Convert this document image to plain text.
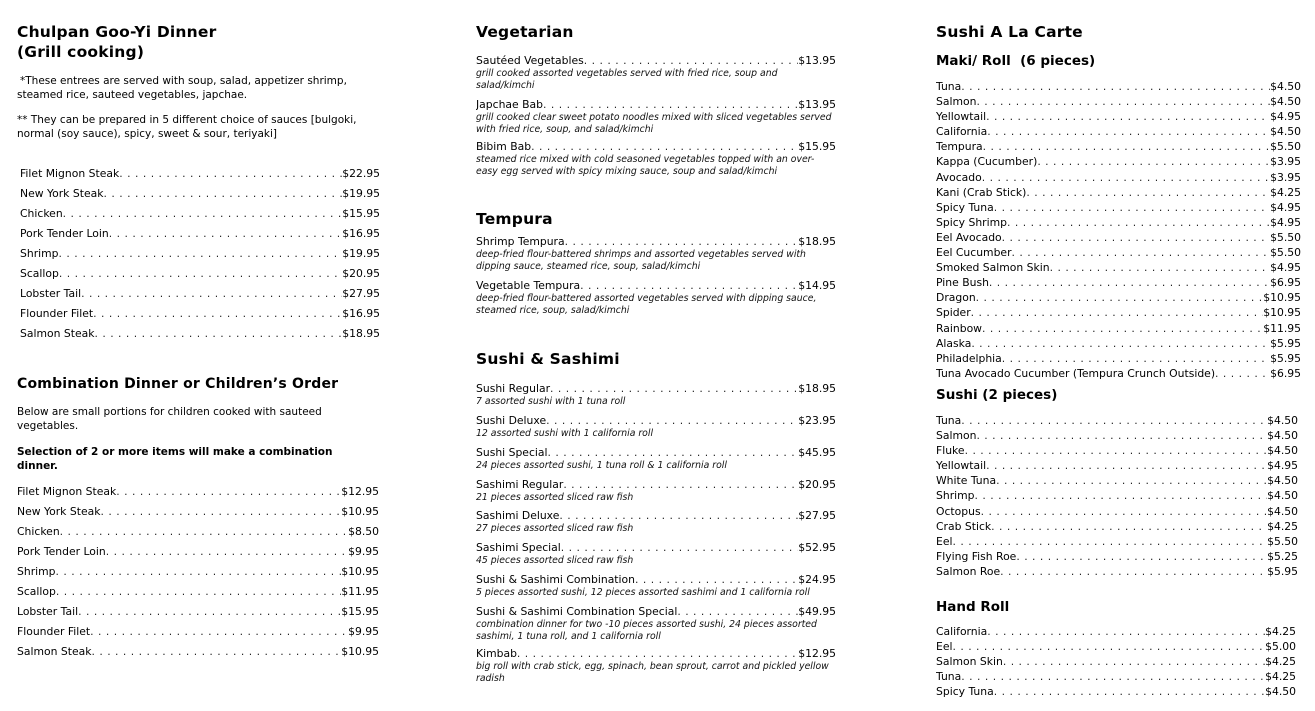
Chulpan Goo-Yi Dinner

(Grill cooking)

*These entrees are served with soup, salad, appetizer shrimp, steamed rice, sauteed vegetables, japchae.

** They can be prepared in 5 different choice of sauces [bulgoki, normal (soy sauce), spicy, sweet & sour, teriyaki]

Filet Mignon Steak . . .	$22.95
New York Steak . . .	$19.95
Chicken . . .	$15.95
Pork Tender Loin . . .	$16.95
Shrimp . . .	$19.95
Scallop . . .	$20.95
Lobster Tail . . .	$27.95
Flounder Filet . . .	$16.95
Salmon Steak . . .	$18.95

Combination Dinner or Children’s Order

Below are small portions for children cooked with sauteed vegetables.

Selection of 2 or more items will make a combination dinner.

Filet Mignon Steak . . .	$12.95
New York Steak . . .	$10.95
Chicken . . .	$8.50
Pork Tender Loin . . .	$9.95
Shrimp . . .	$10.95
Scallop . . .	$11.95
Lobster Tail . . .	$15.95
Flounder Filet . . .	$9.95
Salmon Steak . . .	$10.95

Vegetarian

Sautéed Vegetables . . .	$13.95

grill cooked assorted vegetables served with fried rice, soup and salad/kimchi

Japchae Bab . . .	$13.95

grill cooked clear sweet potato noodles mixed with sliced vegetables served with fried rice, soup, and salad/kimchi

Bibim Bab . . .	$15.95

steamed rice mixed with cold seasoned vegetables topped with an over-easy egg served with spicy mixing sauce, soup and salad/kimchi

Tempura

Shrimp Tempura . . .	$18.95

deep-fried flour-battered shrimps and assorted vegetables served with dipping sauce, steamed rice, soup, salad/kimchi

Vegetable Tempura . . .	$14.95

deep-fried flour-battered assorted vegetables served with dipping sauce, steamed rice, soup, salad/kimchi

Sushi & Sashimi

Sushi Regular . . .	$18.95

7 assorted sushi with 1 tuna roll

Sushi Deluxe . . .	$23.95

12 assorted sushi with 1 california roll

Sushi Special . . .	$45.95

24 pieces assorted sushi, 1 tuna roll & 1 california roll

Sashimi Regular . . .	$20.95

21 pieces assorted sliced raw fish

Sashimi Deluxe . . .	$27.95

27 pieces assorted sliced raw fish

Sashimi Special . . .	$52.95

45 pieces assorted sliced raw fish

Sushi & Sashimi Combination . . .	$24.95

5 pieces assorted sushi, 12 pieces assorted sashimi and 1 california roll

Sushi & Sashimi Combination Special . . .	$49.95

combination dinner for two -10 pieces assorted sushi, 24 pieces assorted sashimi, 1 tuna roll, and 1 california roll

Kimbab . . .	$12.95

big roll with crab stick, egg, spinach, bean sprout, carrot and pickled yellow radish

Sushi A La Carte

Maki/ Roll  (6 pieces)

Tuna . . .	$4.50
Salmon . . .	$4.50
Yellowtail . . .	$4.95
California . . .	$4.50
Tempura . . .	$5.50
Kappa (Cucumber) . . .	$3.95
Avocado . . .	$3.95
Kani (Crab Stick) . . .	$4.25
Spicy Tuna . . .	$4.95
Spicy Shrimp . . .	$4.95
Eel Avocado . . .	$5.50
Eel Cucumber . . .	$5.50
Smoked Salmon Skin . . .	$4.95
Pine Bush . . .	$6.95
Dragon . . .	$10.95
Spider . . .	$10.95
Rainbow . . .	$11.95
Alaska . . .	$5.95
Philadelphia . . .	$5.95
Tuna Avocado Cucumber (Tempura Crunch Outside) . . .	$6.95

Sushi (2 pieces)

Tuna . . .	$4.50
Salmon . . .	$4.50
Fluke . . .	$4.50
Yellowtail . . .	$4.95
White Tuna . . .	$4.50
Shrimp . . .	$4.50
Octopus . . .	$4.50
Crab Stick . . .	$4.25
Eel . . .	$5.50
Flying Fish Roe . . .	$5.25
Salmon Roe . . .	$5.95

Hand Roll

California . . .	$4.25
Eel . . .	$5.00
Salmon Skin . . .	$4.25
Tuna . . .	$4.25
Spicy Tuna . . .	$4.50
